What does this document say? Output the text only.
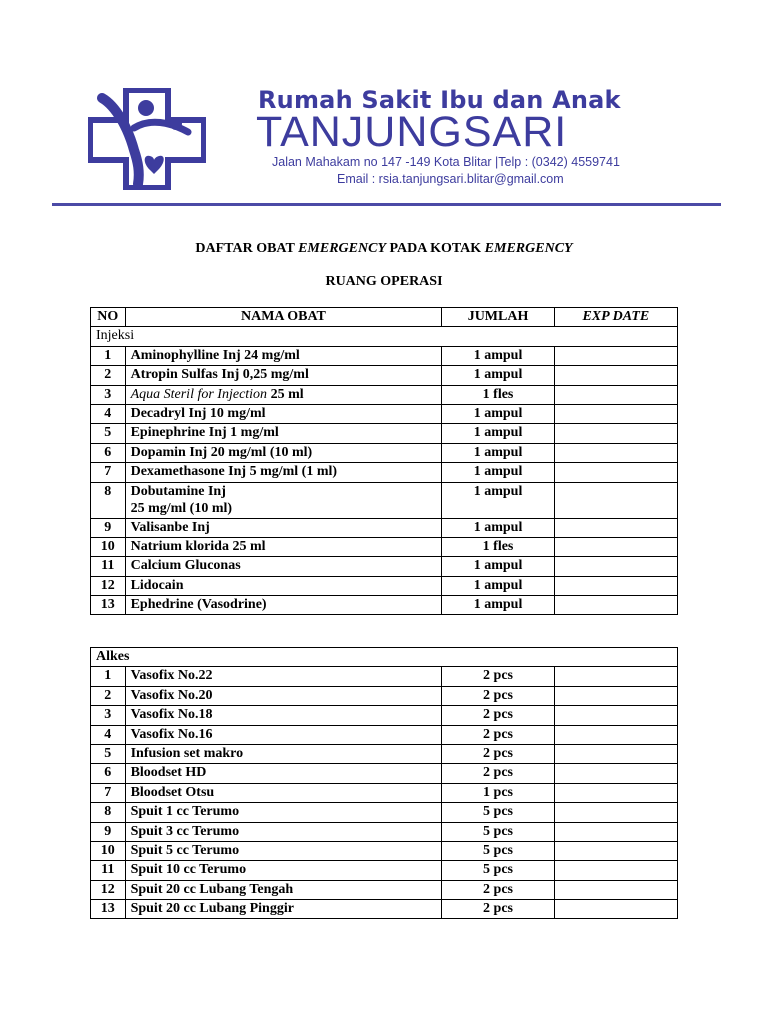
Rumah Sakit Ibu dan Anak
TANJUNGSARI
Jalan Mahakam no 147 -149 Kota Blitar |Telp : (0342) 4559741
Email : rsia.tanjungsari.blitar@gmail.com
DAFTAR OBAT EMERGENCY PADA KOTAK EMERGENCY
RUANG OPERASI
NO	NAMA OBAT	JUMLAH	EXP DATE
Injeksi			
1	Aminophylline Inj 24 mg/ml	1 ampul	
2	Atropin Sulfas Inj 0,25 mg/ml	1 ampul	
3	Aqua Steril for Injection 25 ml	1 fles	
4	Decadryl Inj 10 mg/ml	1 ampul	
5	Epinephrine Inj 1 mg/ml	1 ampul	
6	Dopamin Inj 20 mg/ml (10 ml)	1 ampul	
7	Dexamethasone Inj 5 mg/ml (1 ml)	1 ampul	
8	Dobutamine Inj
25 mg/ml (10 ml)	1 ampul	
9	Valisanbe Inj	1 ampul	
10	Natrium klorida 25 ml	1 fles	
11	Calcium Gluconas	1 ampul	
12	Lidocain	1 ampul	
13	Ephedrine (Vasodrine)	1 ampul	
Alkes			
1	Vasofix No.22	2 pcs	
2	Vasofix No.20	2 pcs	
3	Vasofix No.18	2 pcs	
4	Vasofix No.16	2 pcs	
5	Infusion set makro	2 pcs	
6	Bloodset HD	2 pcs	
7	Bloodset Otsu	1 pcs	
8	Spuit 1 cc Terumo	5 pcs	
9	Spuit 3 cc Terumo	5 pcs	
10	Spuit 5 cc Terumo	5 pcs	
11	Spuit 10 cc Terumo	5 pcs	
12	Spuit 20 cc Lubang Tengah	2 pcs	
13	Spuit 20 cc Lubang Pinggir	2 pcs	
